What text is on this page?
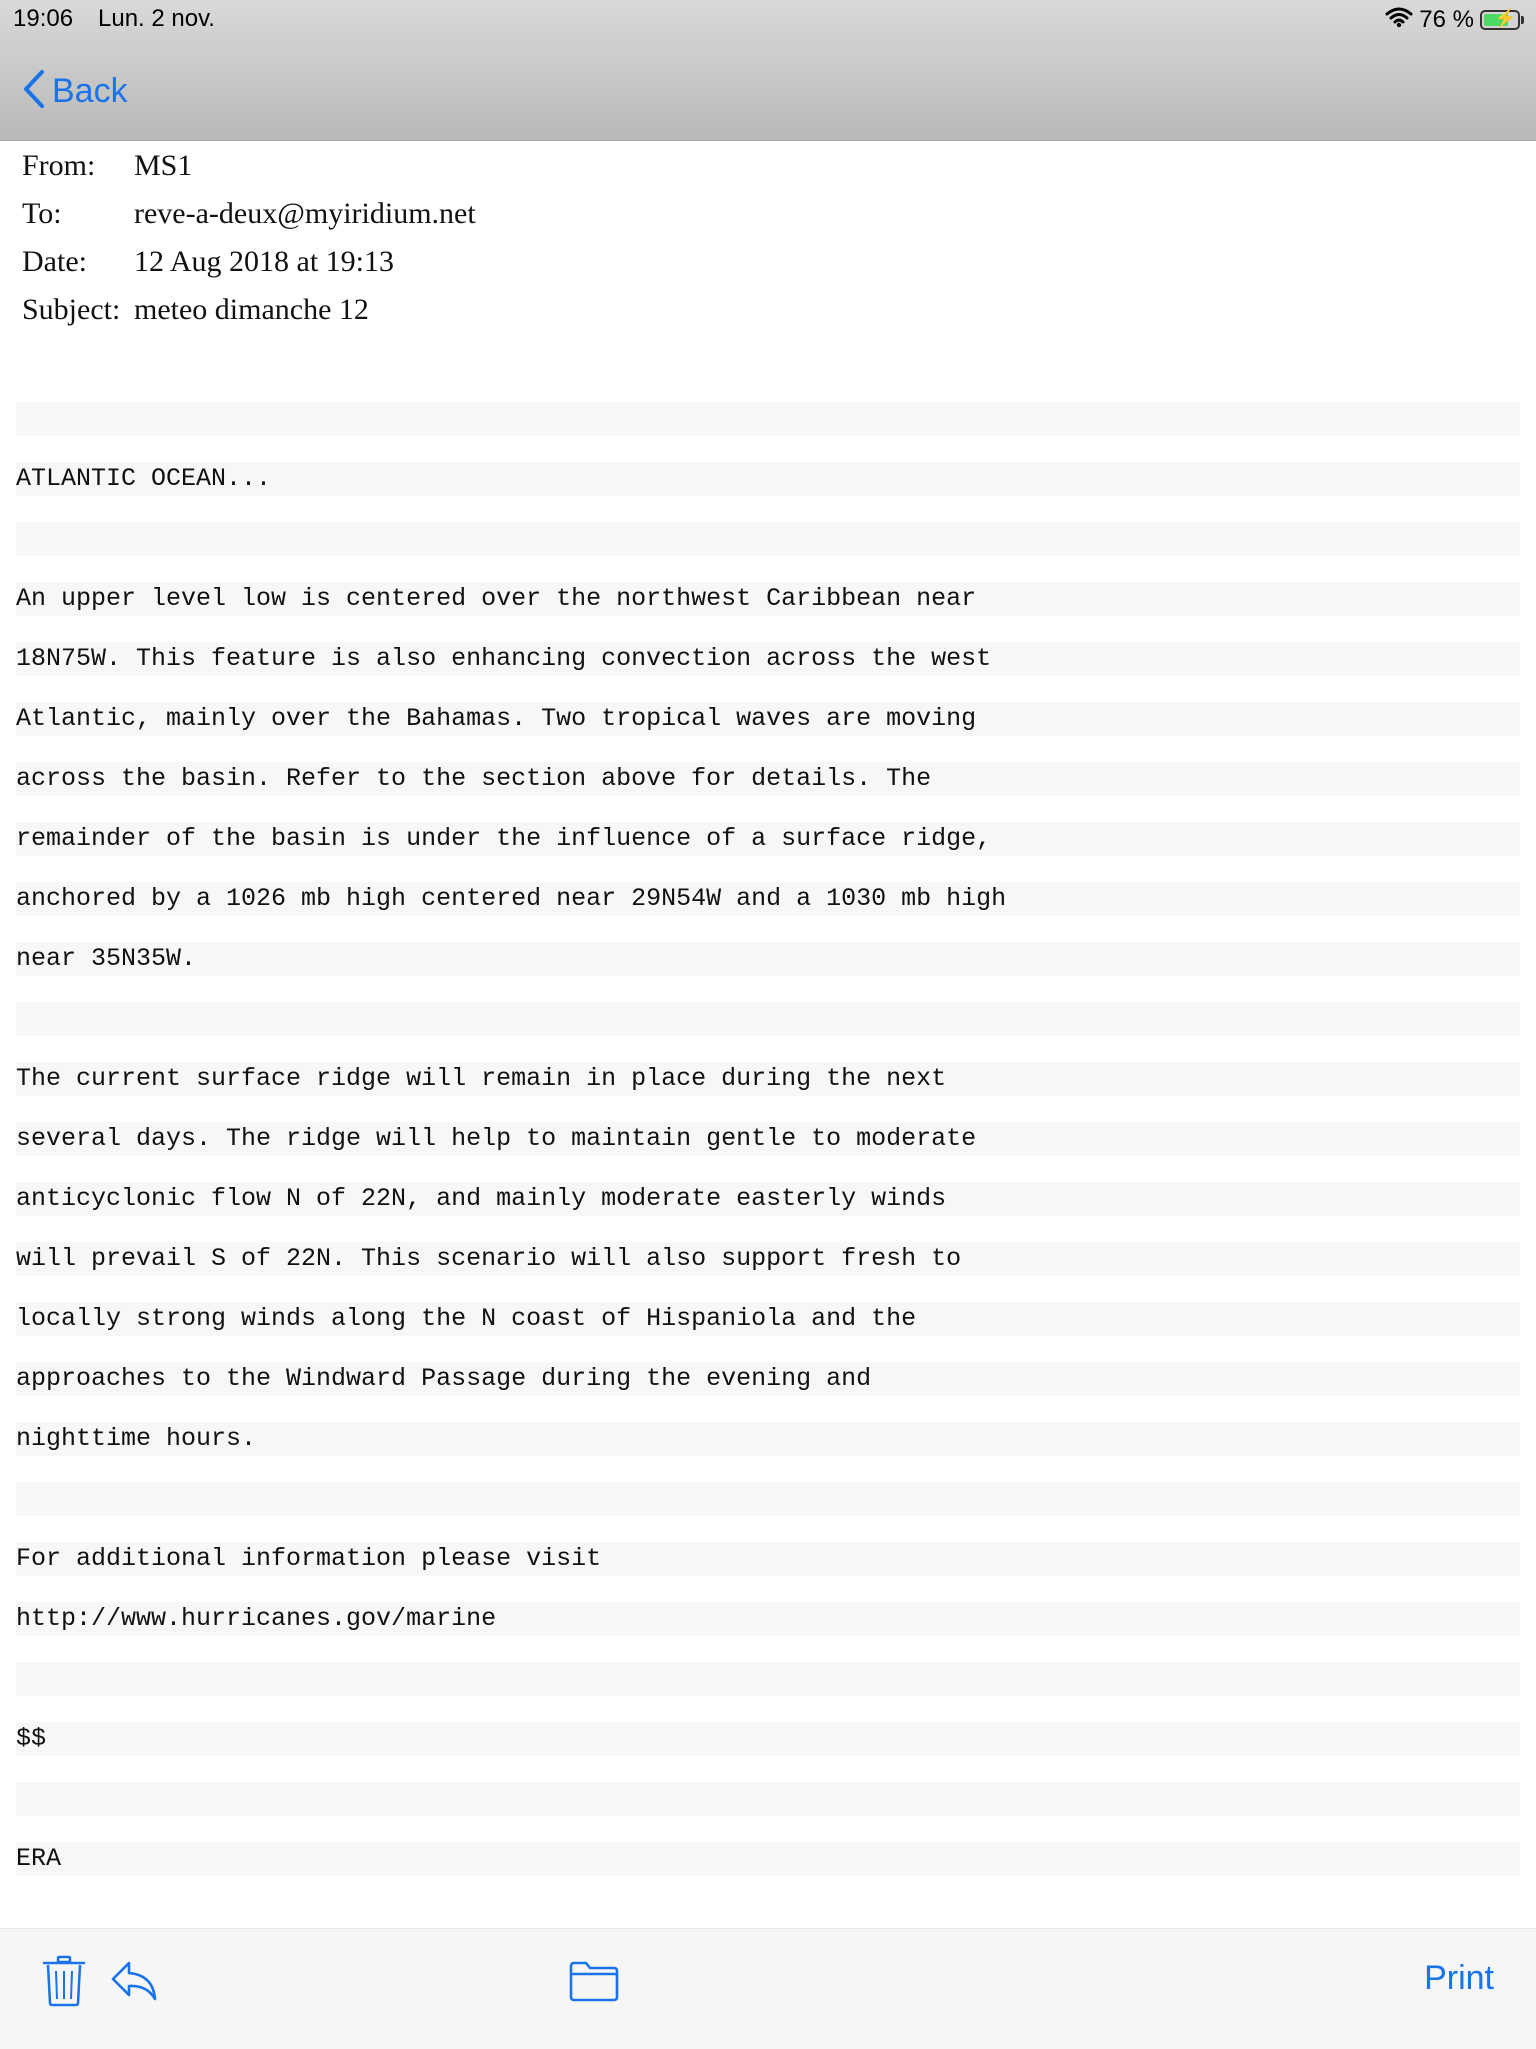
19:06 Lun. 2 nov.	76 % ⚡
Back
From:	MS1
To:	reve-a-deux@myiridium.net
Date:	12 Aug 2018 at 19:13
Subject: meteo dimanche 12
ATLANTIC OCEAN...
An upper level low is centered over the northwest Caribbean near
18N75W. This feature is also enhancing convection across the west
Atlantic, mainly over the Bahamas. Two tropical waves are moving
across the basin. Refer to the section above for details. The
remainder of the basin is under the influence of a surface ridge,
anchored by a 1026 mb high centered near 29N54W and a 1030 mb high
near 35N35W.
The current surface ridge will remain in place during the next
several days. The ridge will help to maintain gentle to moderate
anticyclonic flow N of 22N, and mainly moderate easterly winds
will prevail S of 22N. This scenario will also support fresh to
locally strong winds along the N coast of Hispaniola and the
approaches to the Windward Passage during the evening and
nighttime hours.
For additional information please visit
http://www.hurricanes.gov/marine
$$
ERA
Print
